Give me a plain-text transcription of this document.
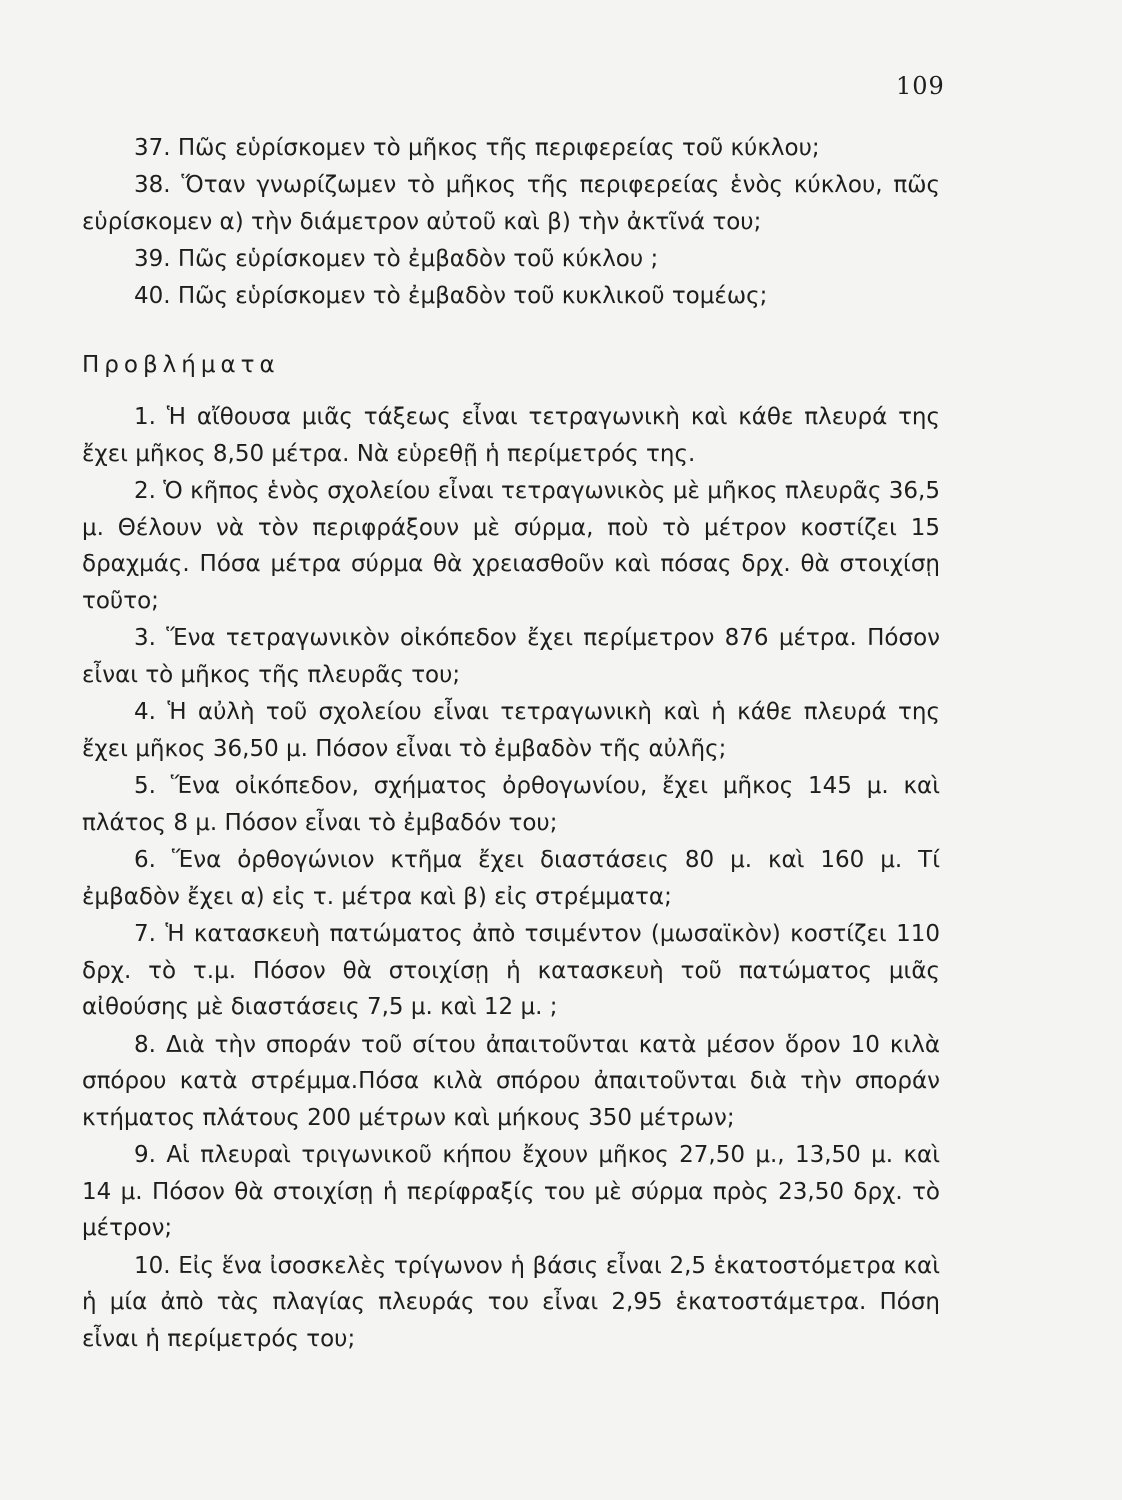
109

37. Πῶς εὑρίσκομεν τὸ μῆκος τῆς περιφερείας τοῦ κύκλου;

38. Ὅταν γνωρίζωμεν τὸ μῆκος τῆς περιφερείας ἑνὸς κύκλου, πῶς εὑρίσκομεν α) τὴν διάμετρον αὐτοῦ καὶ β) τὴν ἀκτῖνά του;

39. Πῶς εὑρίσκομεν τὸ ἐμβαδὸν τοῦ κύκλου ;

40. Πῶς εὑρίσκομεν τὸ ἐμβαδὸν τοῦ κυκλικοῦ τομέως;

Προβλήματα

1. Ἡ αἴθουσα μιᾶς τάξεως εἶναι τετραγωνικὴ καὶ κάθε πλευρά της ἔχει μῆκος 8,50 μέτρα. Νὰ εὑρεθῇ ἡ περίμετρός της.

2. Ὁ κῆπος ἑνὸς σχολείου εἶναι τετραγωνικὸς μὲ μῆκος πλευρᾶς 36,5 μ. Θέλουν νὰ τὸν περιφράξουν μὲ σύρμα, ποὺ τὸ μέτρον κοστίζει 15 δραχμάς. Πόσα μέτρα σύρμα θὰ χρειασθοῦν καὶ πόσας δρχ. θὰ στοιχίσῃ τοῦτο;

3. Ἕνα τετραγωνικὸν οἰκόπεδον ἔχει περίμετρον 876 μέτρα. Πόσον εἶναι τὸ μῆκος τῆς πλευρᾶς του;

4. Ἡ αὐλὴ τοῦ σχολείου εἶναι τετραγωνικὴ καὶ ἡ κάθε πλευρά της ἔχει μῆκος 36,50 μ. Πόσον εἶναι τὸ ἐμβαδὸν τῆς αὐλῆς;

5. Ἕνα οἰκόπεδον, σχήματος ὀρθογωνίου, ἔχει μῆκος 145 μ. καὶ πλάτος 8 μ. Πόσον εἶναι τὸ ἐμβαδόν του;

6. Ἕνα ὀρθογώνιον κτῆμα ἔχει διαστάσεις 80 μ. καὶ 160 μ. Τί ἐμβαδὸν ἔχει α) εἰς τ. μέτρα καὶ β) εἰς στρέμματα;

7. Ἡ κατασκευὴ πατώματος ἀπὸ τσιμέντον (μωσαϊκὸν) κοστίζει 110 δρχ. τὸ τ.μ. Πόσον θὰ στοιχίσῃ ἡ κατασκευὴ τοῦ πατώματος μιᾶς αἰθούσης μὲ διαστάσεις 7,5 μ. καὶ 12 μ. ;

8. Διὰ τὴν σποράν τοῦ σίτου ἀπαιτοῦνται κατὰ μέσον ὅρον 10 κιλὰ σπόρου κατὰ στρέμμα.Πόσα κιλὰ σπόρου ἀπαιτοῦνται διὰ τὴν σποράν κτήματος πλάτους 200 μέτρων καὶ μήκους 350 μέτρων;

9. Αἱ πλευραὶ τριγωνικοῦ κήπου ἔχουν μῆκος 27,50 μ., 13,50 μ. καὶ 14 μ. Πόσον θὰ στοιχίσῃ ἡ περίφραξίς του μὲ σύρμα πρὸς 23,50 δρχ. τὸ μέτρον;

10. Εἰς ἕνα ἰσοσκελὲς τρίγωνον ἡ βάσις εἶναι 2,5 ἑκατοστόμετρα καὶ ἡ μία ἀπὸ τὰς πλαγίας πλευράς του εἶναι 2,95 ἑκατοστάμετρα. Πόση εἶναι ἡ περίμετρός του;
